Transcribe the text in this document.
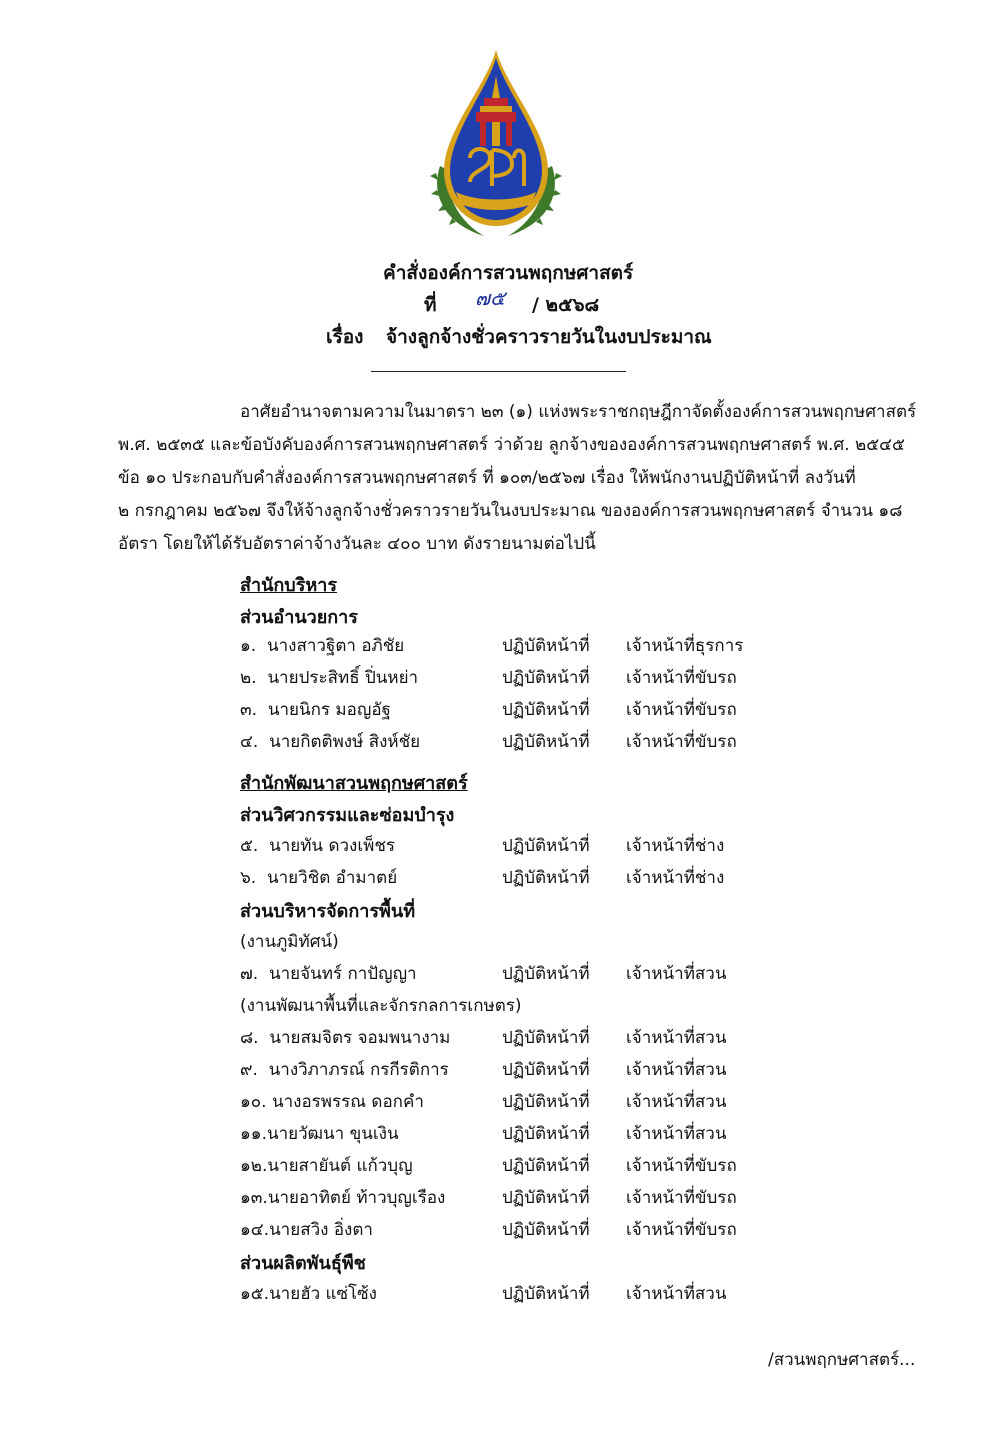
คำสั่งองค์การสวนพฤกษศาสตร์
ที่ ๗๕ / ๒๕๖๘
เรื่อง จ้างลูกจ้างชั่วคราวรายวันในงบประมาณ
อาศัยอำนาจตามความในมาตรา ๒๓ (๑) แห่งพระราชกฤษฎีกาจัดตั้งองค์การสวนพฤกษศาสตร์
พ.ศ. ๒๕๓๕ และข้อบังคับองค์การสวนพฤกษศาสตร์ ว่าด้วย ลูกจ้างขององค์การสวนพฤกษศาสตร์ พ.ศ. ๒๕๔๕
ข้อ ๑๐ ประกอบกับคำสั่งองค์การสวนพฤกษศาสตร์ ที่ ๑๐๓/๒๕๖๗ เรื่อง ให้พนักงานปฏิบัติหน้าที่ ลงวันที่
๒ กรกฎาคม ๒๕๖๗ จึงให้จ้างลูกจ้างชั่วคราวรายวันในงบประมาณ ขององค์การสวนพฤกษศาสตร์ จำนวน ๑๘
อัตรา โดยให้ได้รับอัตราค่าจ้างวันละ ๔๐๐ บาท ดังรายนามต่อไปนี้
สำนักบริหาร
ส่วนอำนวยการ
๑. นางสาวฐิตา อภิชัย	ปฏิบัติหน้าที่ เจ้าหน้าที่ธุรการ
๒. นายประสิทธิ์ ปิ่นหย่า	ปฏิบัติหน้าที่ เจ้าหน้าที่ขับรถ
๓. นายนิกร มอญอัฐ	ปฏิบัติหน้าที่ เจ้าหน้าที่ขับรถ
๔. นายกิตติพงษ์ สิงห์ชัย	ปฏิบัติหน้าที่ เจ้าหน้าที่ขับรถ
สำนักพัฒนาสวนพฤกษศาสตร์
ส่วนวิศวกรรมและซ่อมบำรุง
๕. นายทัน ดวงเพ็ชร	ปฏิบัติหน้าที่ เจ้าหน้าที่ช่าง
๖. นายวิชิต อำมาตย์	ปฏิบัติหน้าที่ เจ้าหน้าที่ช่าง
ส่วนบริหารจัดการพื้นที่
(งานภูมิทัศน์)
๗. นายจันทร์ กาปัญญา	ปฏิบัติหน้าที่ เจ้าหน้าที่สวน
(งานพัฒนาพื้นที่และจักรกลการเกษตร)
๘. นายสมจิตร จอมพนางาม	ปฏิบัติหน้าที่ เจ้าหน้าที่สวน
๙. นางวิภาภรณ์ กรกีรติการ	ปฏิบัติหน้าที่ เจ้าหน้าที่สวน
๑๐. นางอรพรรณ ดอกคำ	ปฏิบัติหน้าที่ เจ้าหน้าที่สวน
๑๑.นายวัฒนา ขุนเงิน	ปฏิบัติหน้าที่ เจ้าหน้าที่สวน
๑๒.นายสายันต์ แก้วบุญ	ปฏิบัติหน้าที่ เจ้าหน้าที่ขับรถ
๑๓.นายอาทิตย์ ท้าวบุญเรือง	ปฏิบัติหน้าที่ เจ้าหน้าที่ขับรถ
๑๔.นายสวิง อิ่งตา	ปฏิบัติหน้าที่ เจ้าหน้าที่ขับรถ
ส่วนผลิตพันธุ์พืช
๑๕.นายฮัว แซ่โซ้ง	ปฏิบัติหน้าที่ เจ้าหน้าที่สวน
/สวนพฤกษศาสตร์...
